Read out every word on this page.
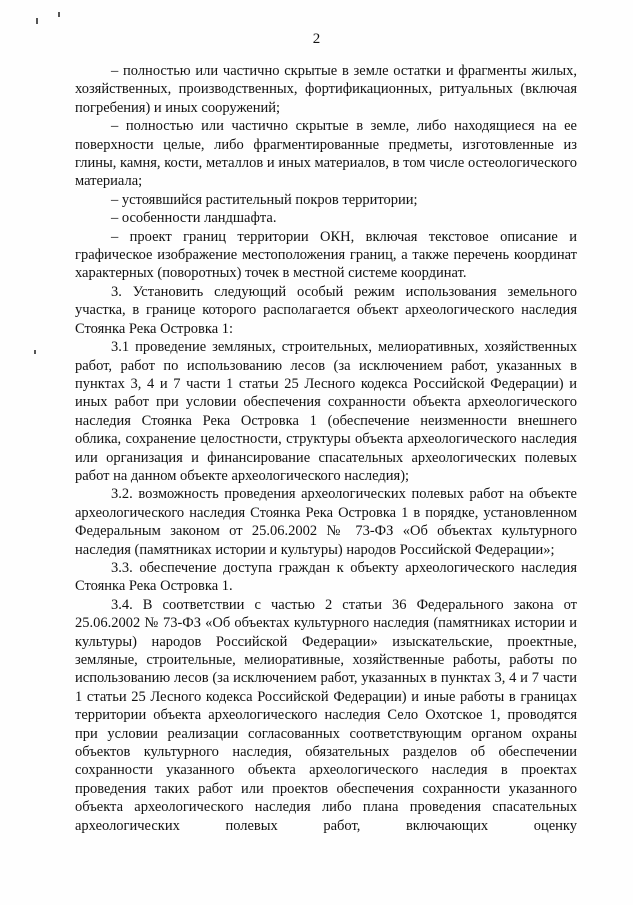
2

– полностью или частично скрытые в земле остатки и фрагменты жилых, хозяйственных, производственных, фортификационных, ритуальных (включая погребения) и иных сооружений;

– полностью или частично скрытые в земле, либо находящиеся на ее поверхности целые, либо фрагментированные предметы, изготовленные из глины, камня, кости, металлов и иных материалов, в том числе остеологического материала;

– устоявшийся растительный покров территории;

– особенности ландшафта.

– проект границ территории ОКН, включая текстовое описание и графическое изображение местоположения границ, а также перечень координат характерных (поворотных) точек в местной системе координат.

3. Установить следующий особый режим использования земельного участка, в границе которого располагается объект археологического наследия Стоянка Река Островка 1:

3.1 проведение земляных, строительных, мелиоративных, хозяйственных работ, работ по использованию лесов (за исключением работ, указанных в пунктах 3, 4 и 7 части 1 статьи 25 Лесного кодекса Российской Федерации) и иных работ при условии обеспечения сохранности объекта археологического наследия Стоянка Река Островка 1 (обеспечение неизменности внешнего облика, сохранение целостности, структуры объекта археологического наследия или организация и финансирование спасательных археологических полевых работ на данном объекте археологического наследия);

3.2. возможность проведения археологических полевых работ на объекте археологического наследия Стоянка Река Островка 1 в порядке, установленном Федеральным законом от 25.06.2002 № 73-ФЗ «Об объектах культурного наследия (памятниках истории и культуры) народов Российской Федерации»;

3.3. обеспечение доступа граждан к объекту археологического наследия Стоянка Река Островка 1.

3.4. В соответствии с частью 2 статьи 36 Федерального закона от 25.06.2002 № 73-ФЗ «Об объектах культурного наследия (памятниках истории и культуры) народов Российской Федерации» изыскательские, проектные, земляные, строительные, мелиоративные, хозяйственные работы, работы по использованию лесов (за исключением работ, указанных в пунктах 3, 4 и 7 части 1 статьи 25 Лесного кодекса Российской Федерации) и иные работы в границах территории объекта археологического наследия Село Охотское 1, проводятся при условии реализации согласованных соответствующим органом охраны объектов культурного наследия, обязательных разделов об обеспечении сохранности указанного объекта археологического наследия в проектах проведения таких работ или проектов обеспечения сохранности указанного объекта археологического наследия либо плана проведения спасательных археологических полевых работ, включающих оценку
